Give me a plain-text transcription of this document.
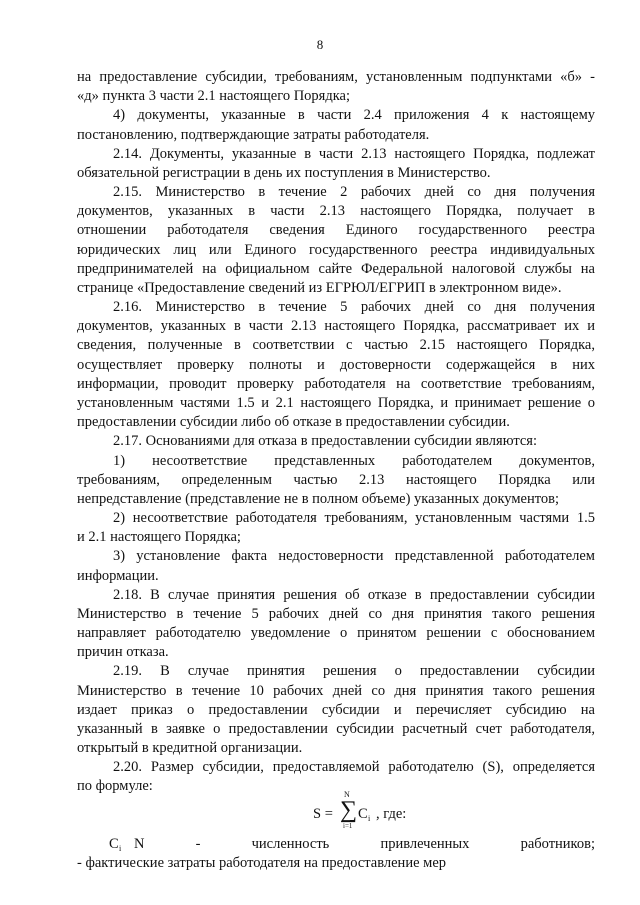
8
на предоставление субсидии, требованиям, установленным подпунктами «б» -
«д» пункта 3 части 2.1 настоящего Порядка;
4) документы, указанные в части 2.4 приложения 4 к настоящему
постановлению, подтверждающие затраты работодателя.
2.14. Документы, указанные в части 2.13 настоящего Порядка, подлежат
обязательной регистрации в день их поступления в Министерство.
2.15. Министерство в течение 2 рабочих дней со дня получения
документов, указанных в части 2.13 настоящего Порядка, получает в
отношении работодателя сведения Единого государственного реестра
юридических лиц или Единого государственного реестра индивидуальных
предпринимателей на официальном сайте Федеральной налоговой службы на
странице «Предоставление сведений из ЕГРЮЛ/ЕГРИП в электронном виде».
2.16. Министерство в течение 5 рабочих дней со дня получения
документов, указанных в части 2.13 настоящего Порядка, рассматривает их и
сведения, полученные в соответствии с частью 2.15 настоящего Порядка,
осуществляет проверку полноты и достоверности содержащейся в них
информации, проводит проверку работодателя на соответствие требованиям,
установленным частями 1.5 и 2.1 настоящего Порядка, и принимает решение о
предоставлении субсидии либо об отказе в предоставлении субсидии.
2.17. Основаниями для отказа в предоставлении субсидии являются:
1) несоответствие представленных работодателем документов,
требованиям, определенным частью 2.13 настоящего Порядка или
непредставление (представление не в полном объеме) указанных документов;
2) несоответствие работодателя требованиям, установленным частями 1.5
и 2.1 настоящего Порядка;
3) установление факта недостоверности представленной работодателем
информации.
2.18. В случае принятия решения об отказе в предоставлении субсидии
Министерство в течение 5 рабочих дней со дня принятия такого решения
направляет работодателю уведомление о принятом решении с обоснованием
причин отказа.
2.19. В случае принятия решения о предоставлении субсидии
Министерство в течение 10 рабочих дней со дня принятия такого решения
издает приказ о предоставлении субсидии и перечисляет субсидию на
указанный в заявке о предоставлении субсидии расчетный счет работодателя,
открытый в кредитной организации.
2.20. Размер субсидии, предоставляемой работодателю (S), определяется
по формуле:
S = ∑
N
i=1
C i , где:
N - численность привлеченных работников;
C i
- фактические затраты работодателя на предоставление мер
